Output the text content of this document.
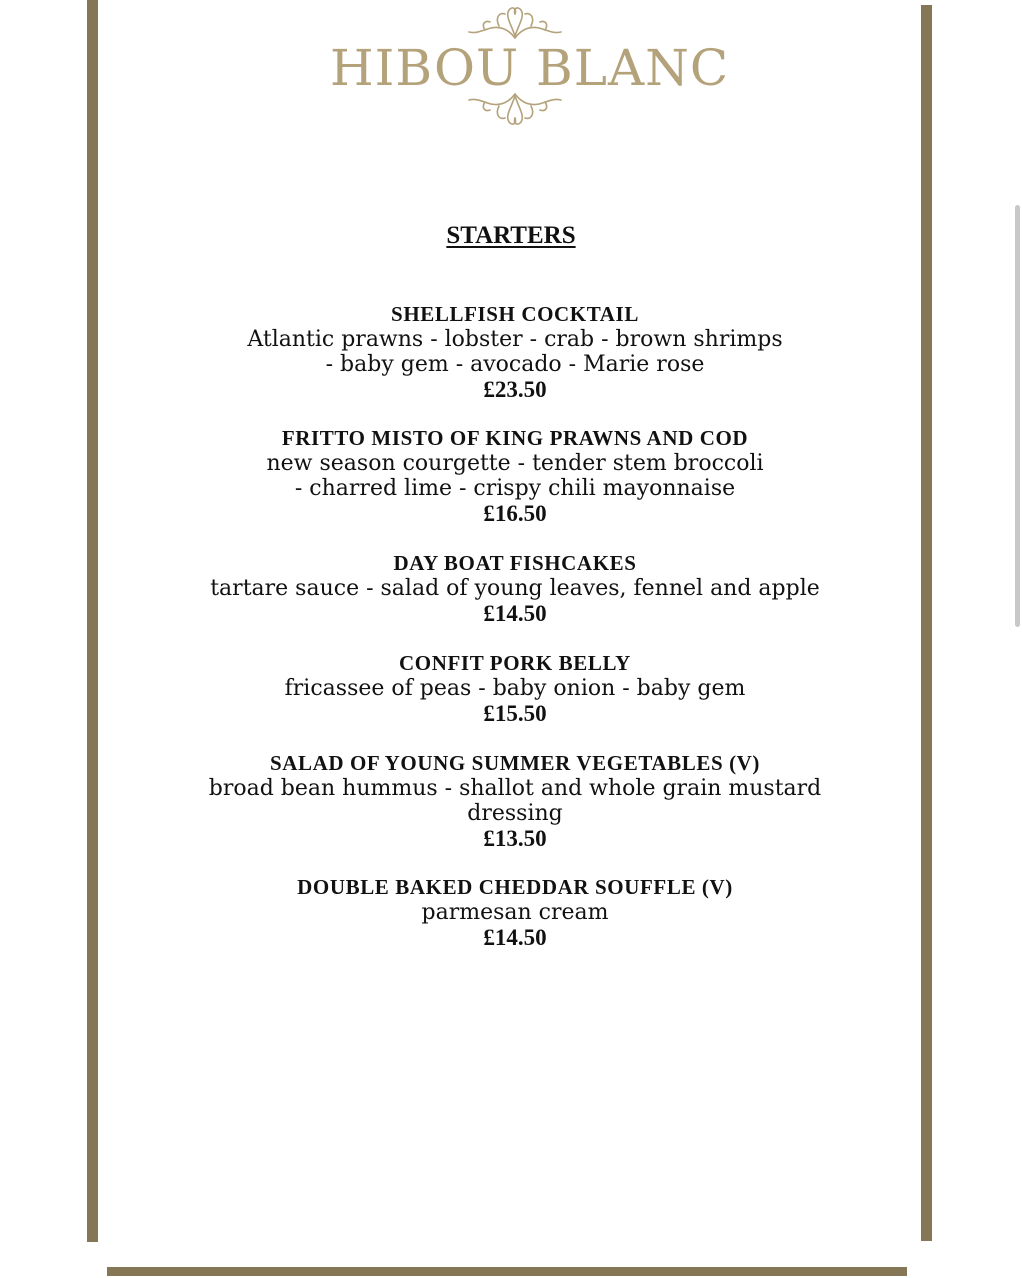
HIBOU BLANC
STARTERS
SHELLFISH COCKTAIL
Atlantic prawns - lobster - crab - brown shrimps
- baby gem - avocado - Marie rose
£23.50
FRITTO MISTO OF KING PRAWNS AND COD
new season courgette - tender stem broccoli
- charred lime - crispy chili mayonnaise
£16.50
DAY BOAT FISHCAKES
tartare sauce - salad of young leaves, fennel and apple
£14.50
CONFIT PORK BELLY
fricassee of peas - baby onion - baby gem
£15.50
SALAD OF YOUNG SUMMER VEGETABLES (V)
broad bean hummus - shallot and whole grain mustard
dressing
£13.50
DOUBLE BAKED CHEDDAR SOUFFLE (V)
parmesan cream
£14.50
